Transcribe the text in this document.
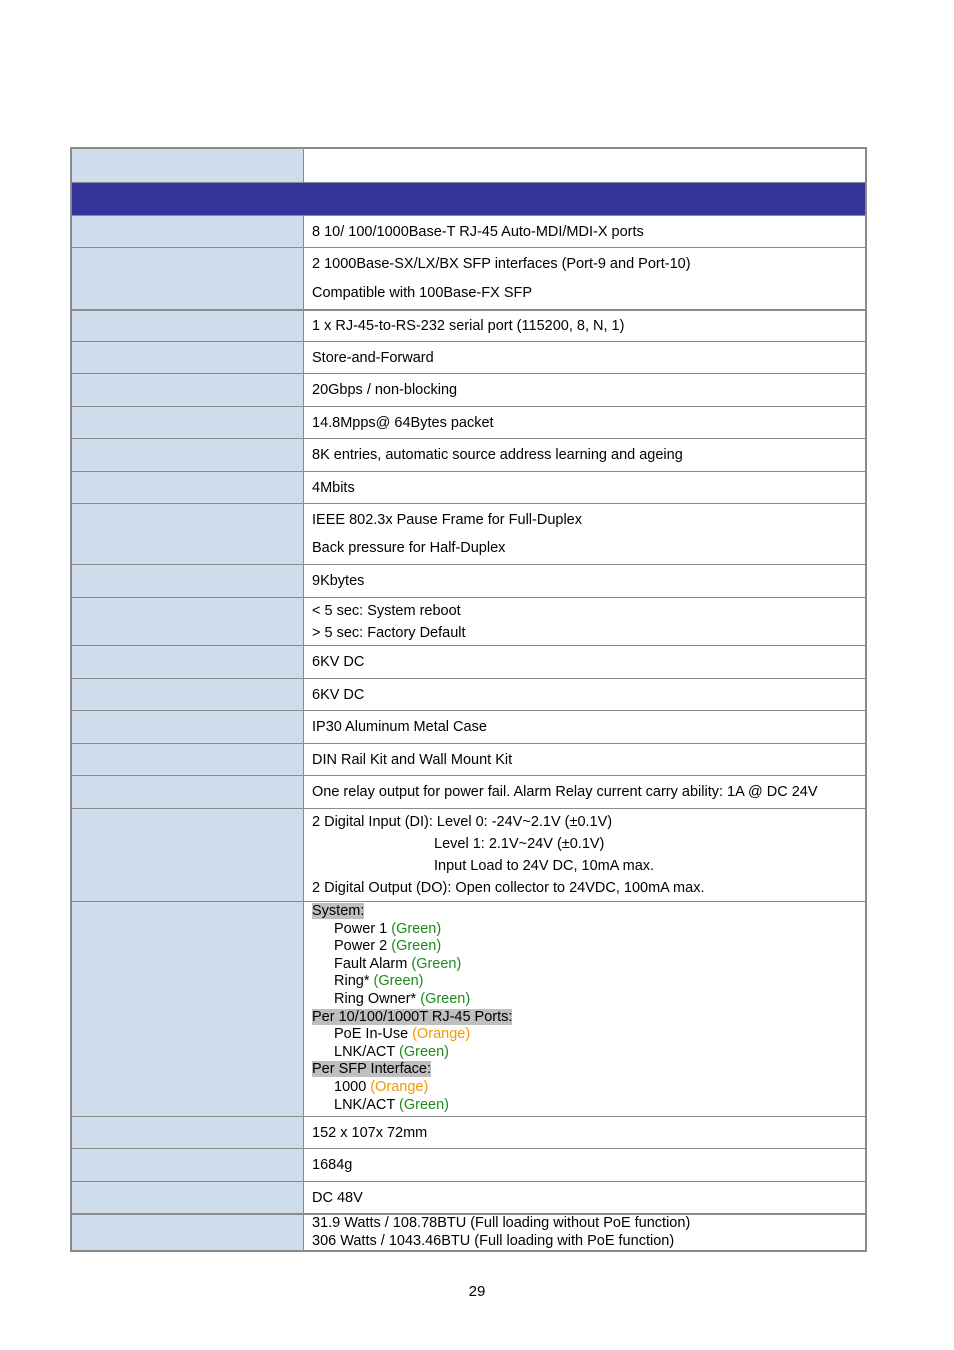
8 10/ 100/1000Base-T RJ-45 Auto-MDI/MDI-X ports
2 1000Base-SX/LX/BX SFP interfaces (Port-9 and Port-10)
Compatible with 100Base-FX SFP
1 x RJ-45-to-RS-232 serial port (115200, 8, N, 1)
Store-and-Forward
20Gbps / non-blocking
14.8Mpps@ 64Bytes packet
8K entries, automatic source address learning and ageing
4Mbits
IEEE 802.3x Pause Frame for Full-Duplex
Back pressure for Half-Duplex
9Kbytes
< 5 sec: System reboot
> 5 sec: Factory Default
6KV DC
6KV DC
IP30 Aluminum Metal Case
DIN Rail Kit and Wall Mount Kit
One relay output for power fail. Alarm Relay current carry ability: 1A @ DC 24V
2 Digital Input (DI): Level 0: -24V~2.1V (±0.1V)
Level 1: 2.1V~24V (±0.1V)
Input Load to 24V DC, 10mA max.
2 Digital Output (DO): Open collector to 24VDC, 100mA max.
System:
Power 1 (Green)
Power 2 (Green)
Fault Alarm (Green)
Ring* (Green)
Ring Owner* (Green)
Per 10/100/1000T RJ-45 Ports:
PoE In-Use (Orange)
LNK/ACT (Green)
Per SFP Interface:
1000 (Orange)
LNK/ACT (Green)
152 x 107x 72mm
1684g
DC 48V
31.9 Watts / 108.78BTU (Full loading without PoE function)
306 Watts / 1043.46BTU (Full loading with PoE function)
29
